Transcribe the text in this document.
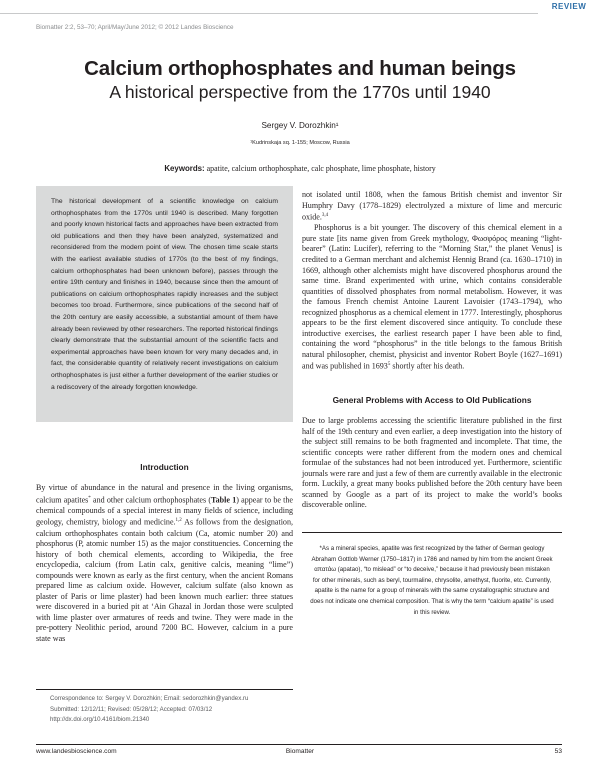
REVIEW
Biomatter 2:2, 53–70; April/May/June 2012; © 2012 Landes Bioscience
Calcium orthophosphates and human beings
A historical perspective from the 1770s until 1940
Sergey V. Dorozhkin¹
¹Kudrinskaja sq. 1-155; Moscow, Russia
Keywords: apatite, calcium orthophosphate, calc phosphate, lime phosphate, history
The historical development of a scientific knowledge on calcium orthophosphates from the 1770s until 1940 is described. Many forgotten and poorly known historical facts and approaches have been extracted from old publications and then they have been analyzed, systematized and reconsidered from the modern point of view. The chosen time scale starts with the earliest available studies of 1770s (to the best of my findings, calcium orthophosphates had been unknown before), passes through the entire 19th century and finishes in 1940, because since then the amount of publications on calcium orthophosphates rapidly increases and the subject becomes too broad. Furthermore, since publications of the second half of the 20th century are easily accessible, a substantial amount of them have already been reviewed by other researchers. The reported historical findings clearly demonstrate that the substantial amount of the scientific facts and experimental approaches have been known for very many decades and, in fact, the considerable quantity of relatively recent investigations on calcium orthophosphates is just either a further development of the earlier studies or a rediscovery of the already forgotten knowledge.
Introduction

By virtue of abundance in the natural and presence in the living organisms, calcium apatites* and other calcium orthophosphates (Table 1) appear to be the chemical compounds of a special interest in many fields of science, including geology, chemistry, biology and medicine.$^{1,2}$ As follows from the designation, calcium orthophosphates contain both calcium (Ca, atomic number 20) and phosphorus (P, atomic number 15) as the major constituencies. Concerning the history of both chemical elements, according to Wikipedia, the free encyclopedia, calcium (from Latin calx, genitive calcis, meaning “lime”) compounds were known as early as the first century, when the ancient Romans prepared lime as calcium oxide. However, calcium sulfate (also known as plaster of Paris or lime plaster) had been known much earlier: three statues were discovered in a buried pit at ‘Ain Ghazal in Jordan those were sculpted with lime plaster over armatures of reeds and twine. They were made in the pre-pottery Neolithic period, around 7200 BC. However, calcium in a pure state was

not isolated until 1808, when the famous British chemist and inventor Sir Humphry Davy (1778–1829) electrolyzed a mixture of lime and mercuric oxide.$^{3,4}$

Phosphorus is a bit younger. The discovery of this chemical element in a pure state [its name given from Greek mythology, Φωσφόρος meaning “light-bearer” (Latin: Lucifer), referring to the “Morning Star,” the planet Venus] is credited to a German merchant and alchemist Hennig Brand (ca. 1630–1710) in 1669, although other alchemists might have discovered phosphorus around the same time. Brand experimented with urine, which contains considerable quantities of dissolved phosphates from normal metabolism. However, it was the famous French chemist Antoine Laurent Lavoisier (1743–1794), who recognized phosphorus as a chemical element in 1777. Interestingly, phosphorus appears to be the first element discovered since antiquity. To conclude these introductive exercises, the earliest research paper I have been able to find, containing the word “phosphorus” in the title belongs to the famous British natural philosopher, chemist, physicist and inventor Robert Boyle (1627–1691) and was published in 1693$^5$ shortly after his death.

General Problems with Access to Old Publications

Due to large problems accessing the scientific literature published in the first half of the 19th century and even earlier, a deep investigation into the history of the subject still remains to be both fragmented and incomplete. That time, the scientific concepts were rather different from the modern ones and chemical formulae of the substances had not been introduced yet. Furthermore, scientific journals were rare and just a few of them are currently available in the electronic form. Luckily, a great many books published before the 20th century have been scanned by Google as a part of its project to make the world’s books discoverable online.

*As a mineral species, apatite was first recognized by the father of German geology Abraham Gottlob Werner (1750–1817) in 1786 and named by him from the ancient Greek απατάω (apatao), “to mislead” or “to deceive,” because it had previously been mistaken for other minerals, such as beryl, tourmaline, chrysolite, amethyst, fluorite, etc. Currently, apatite is the name for a group of minerals with the same crystallographic structure and does not indicate one chemical composition. That is why the term “calcium apatite” is used in this review.
Correspondence to: Sergey V. Dorozhkin; Email: sedorozhkin@yandex.ru
Submitted: 12/12/11; Revised: 05/28/12; Accepted: 07/03/12
http://dx.doi.org/10.4161/biom.21340
www.landesbioscience.com	Biomatter	53
